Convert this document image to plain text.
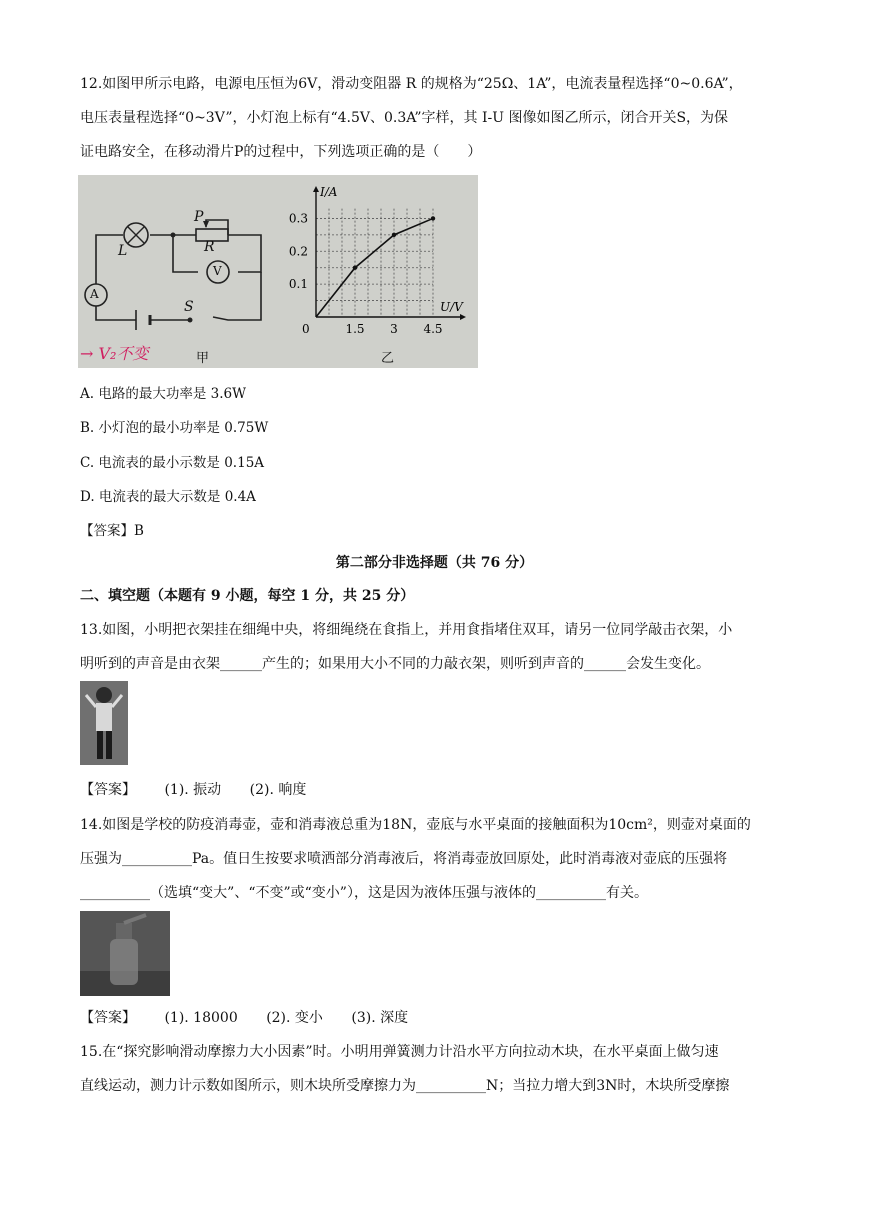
12.如图甲所示电路，电源电压恒为6V，滑动变阻器 R 的规格为“25Ω、1A”，电流表量程选择“0~0.6A”，
电压表量程选择“0~3V”，小灯泡上标有“4.5V、0.3A”字样，其 I-U 图像如图乙所示，闭合开关S，为保
证电路安全，在移动滑片P的过程中，下列选项正确的是（　　）
A
V
L
P
R
S
甲
→ V₂不变
1.5 3 4.5
0.1
0.2
0.3
0
I/A
U/V
乙
A. 电路的最大功率是 3.6W
B. 小灯泡的最小功率是 0.75W
C. 电流表的最小示数是 0.15A
D. 电流表的最大示数是 0.4A
【答案】B
第二部分非选择题（共 76 分）
二、填空题（本题有 9 小题，每空 1 分，共 25 分）
13.如图，小明把衣架挂在细绳中央，将细绳绕在食指上，并用食指堵住双耳，请另一位同学敲击衣架，小
明听到的声音是由衣架______产生的；如果用大小不同的力敲衣架，则听到声音的______会发生变化。
【答案】 (1). 振动 (2). 响度
14.如图是学校的防疫消毒壶，壶和消毒液总重为18N，壶底与水平桌面的接触面积为10cm²，则壶对桌面的
压强为__________Pa。值日生按要求喷洒部分消毒液后，将消毒壶放回原处，此时消毒液对壶底的压强将
__________（选填“变大”、“不变”或“变小”），这是因为液体压强与液体的__________有关。
【答案】 (1). 18000 (2). 变小 (3). 深度
15.在“探究影响滑动摩擦力大小因素”时。小明用弹簧测力计沿水平方向拉动木块，在水平桌面上做匀速
直线运动，测力计示数如图所示，则木块所受摩擦力为__________N；当拉力增大到3N时，木块所受摩擦
